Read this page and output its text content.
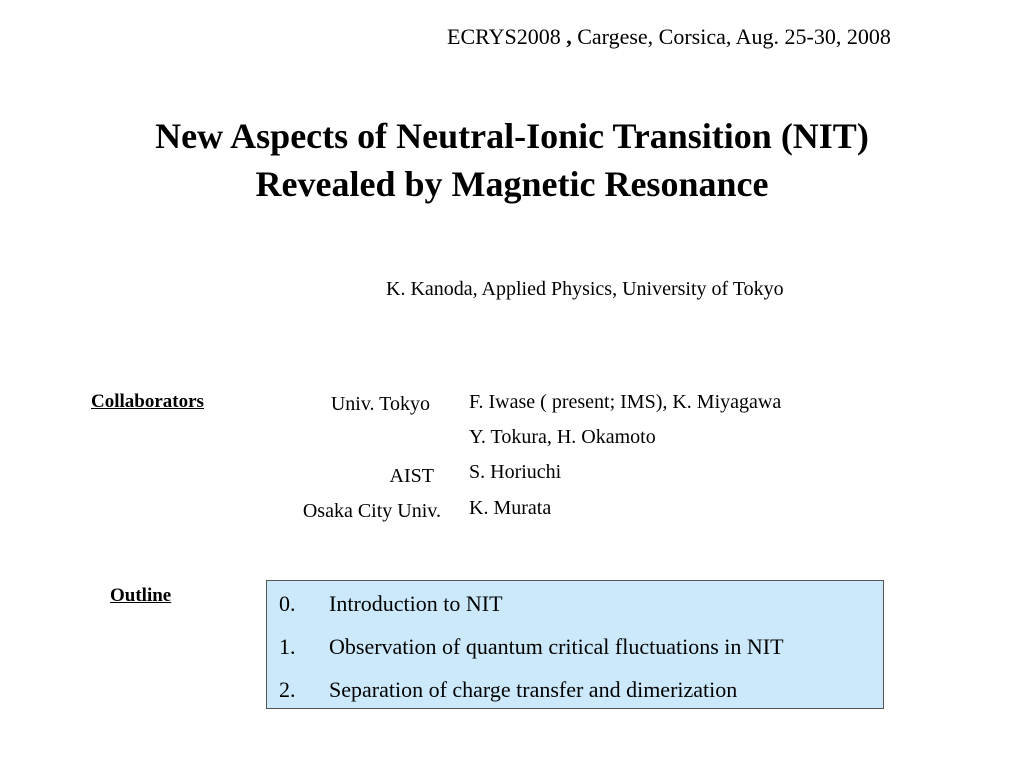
ECRYS2008 , Cargese, Corsica, Aug. 25-30, 2008
New Aspects of Neutral-Ionic Transition (NIT)
Revealed by Magnetic Resonance
K. Kanoda, Applied Physics, University of Tokyo
Collaborators	Univ. Tokyo
AIST
Osaka City Univ.
F. Iwase ( present; IMS), K. Miyagawa
Y. Tokura, H. Okamoto
S. Horiuchi
K. Murata
Outline	0. Introduction to NIT
1. Observation of quantum critical fluctuations in NIT
2. Separation of charge transfer and dimerization
